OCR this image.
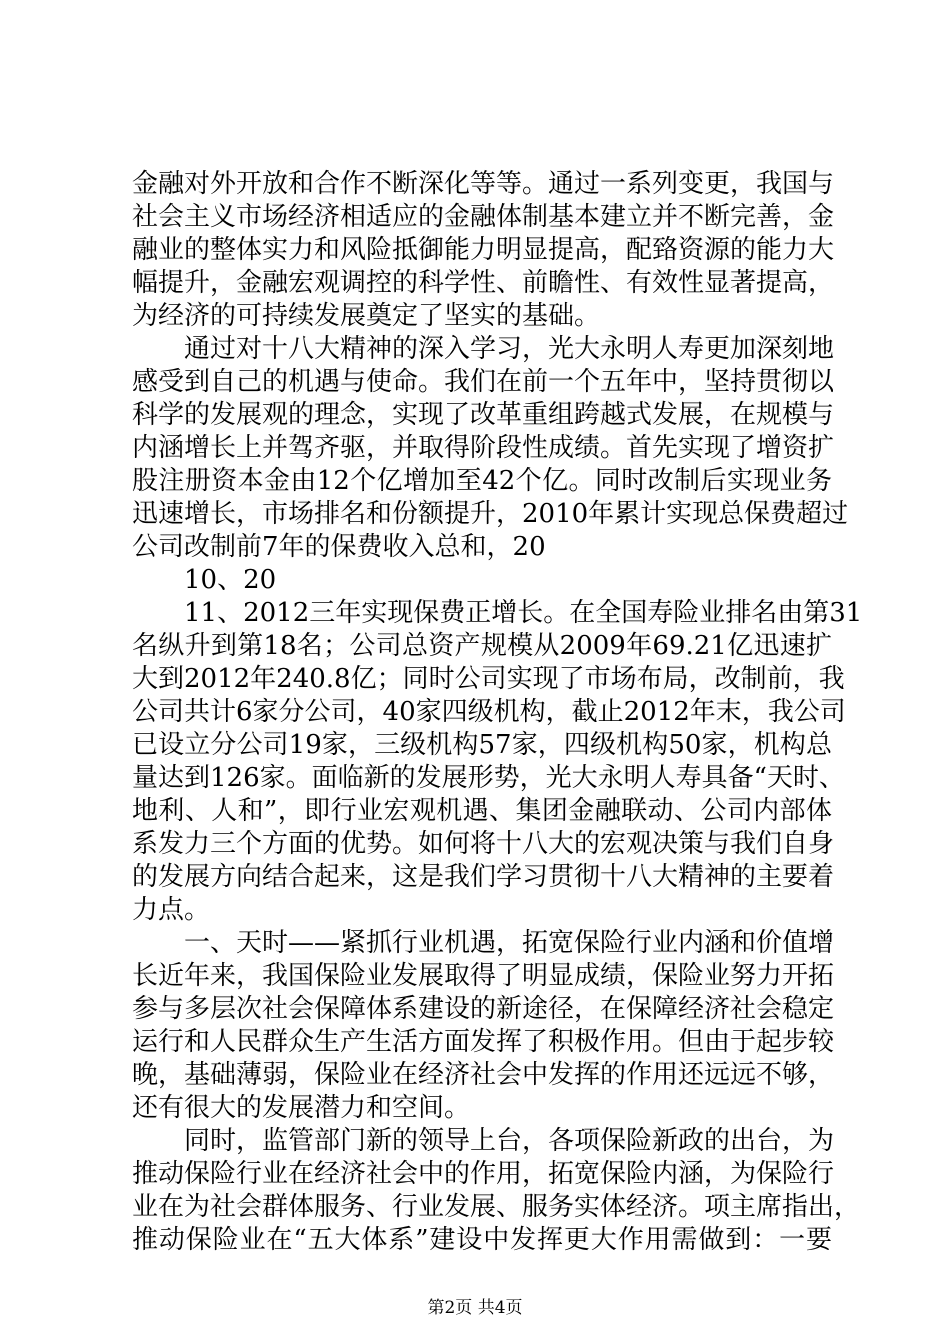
金融对外开放和合作不断深化等等。通过一系列变更，我国与
社会主义市场经济相适应的金融体制基本建立并不断完善，金
融业的整体实力和风险抵御能力明显提高，配臵资源的能力大
幅提升，金融宏观调控的科学性、前瞻性、有效性显著提高，
为经济的可持续发展奠定了坚实的基础。
通过对十八大精神的深入学习，光大永明人寿更加深刻地
感受到自己的机遇与使命。我们在前一个五年中，坚持贯彻以
科学的发展观的理念，实现了改革重组跨越式发展，在规模与
内涵增长上并驾齐驱，并取得阶段性成绩。首先实现了增资扩
股注册资本金由12个亿增加至42个亿。同时改制后实现业务
迅速增长，市场排名和份额提升，2010年累计实现总保费超过
公司改制前7年的保费收入总和，20
10、20
11、2012三年实现保费正增长。在全国寿险业排名由第31
名纵升到第18名；公司总资产规模从2009年69.21亿迅速扩
大到2012年240.8亿；同时公司实现了市场布局，改制前，我
公司共计6家分公司，40家四级机构，截止2012年末，我公司
已设立分公司19家，三级机构57家，四级机构50家，机构总
量达到126家。面临新的发展形势，光大永明人寿具备“天时、
地利、人和”，即行业宏观机遇、集团金融联动、公司内部体
系发力三个方面的优势。如何将十八大的宏观决策与我们自身
的发展方向结合起来，这是我们学习贯彻十八大精神的主要着
力点。
一、天时——紧抓行业机遇，拓宽保险行业内涵和价值增
长近年来，我国保险业发展取得了明显成绩，保险业努力开拓
参与多层次社会保障体系建设的新途径，在保障经济社会稳定
运行和人民群众生产生活方面发挥了积极作用。但由于起步较
晚，基础薄弱，保险业在经济社会中发挥的作用还远远不够，
还有很大的发展潜力和空间。
同时，监管部门新的领导上台，各项保险新政的出台，为
推动保险行业在经济社会中的作用，拓宽保险内涵，为保险行
业在为社会群体服务、行业发展、服务实体经济。项主席指出，
推动保险业在“五大体系”建设中发挥更大作用需做到：一要
第2页 共4页
